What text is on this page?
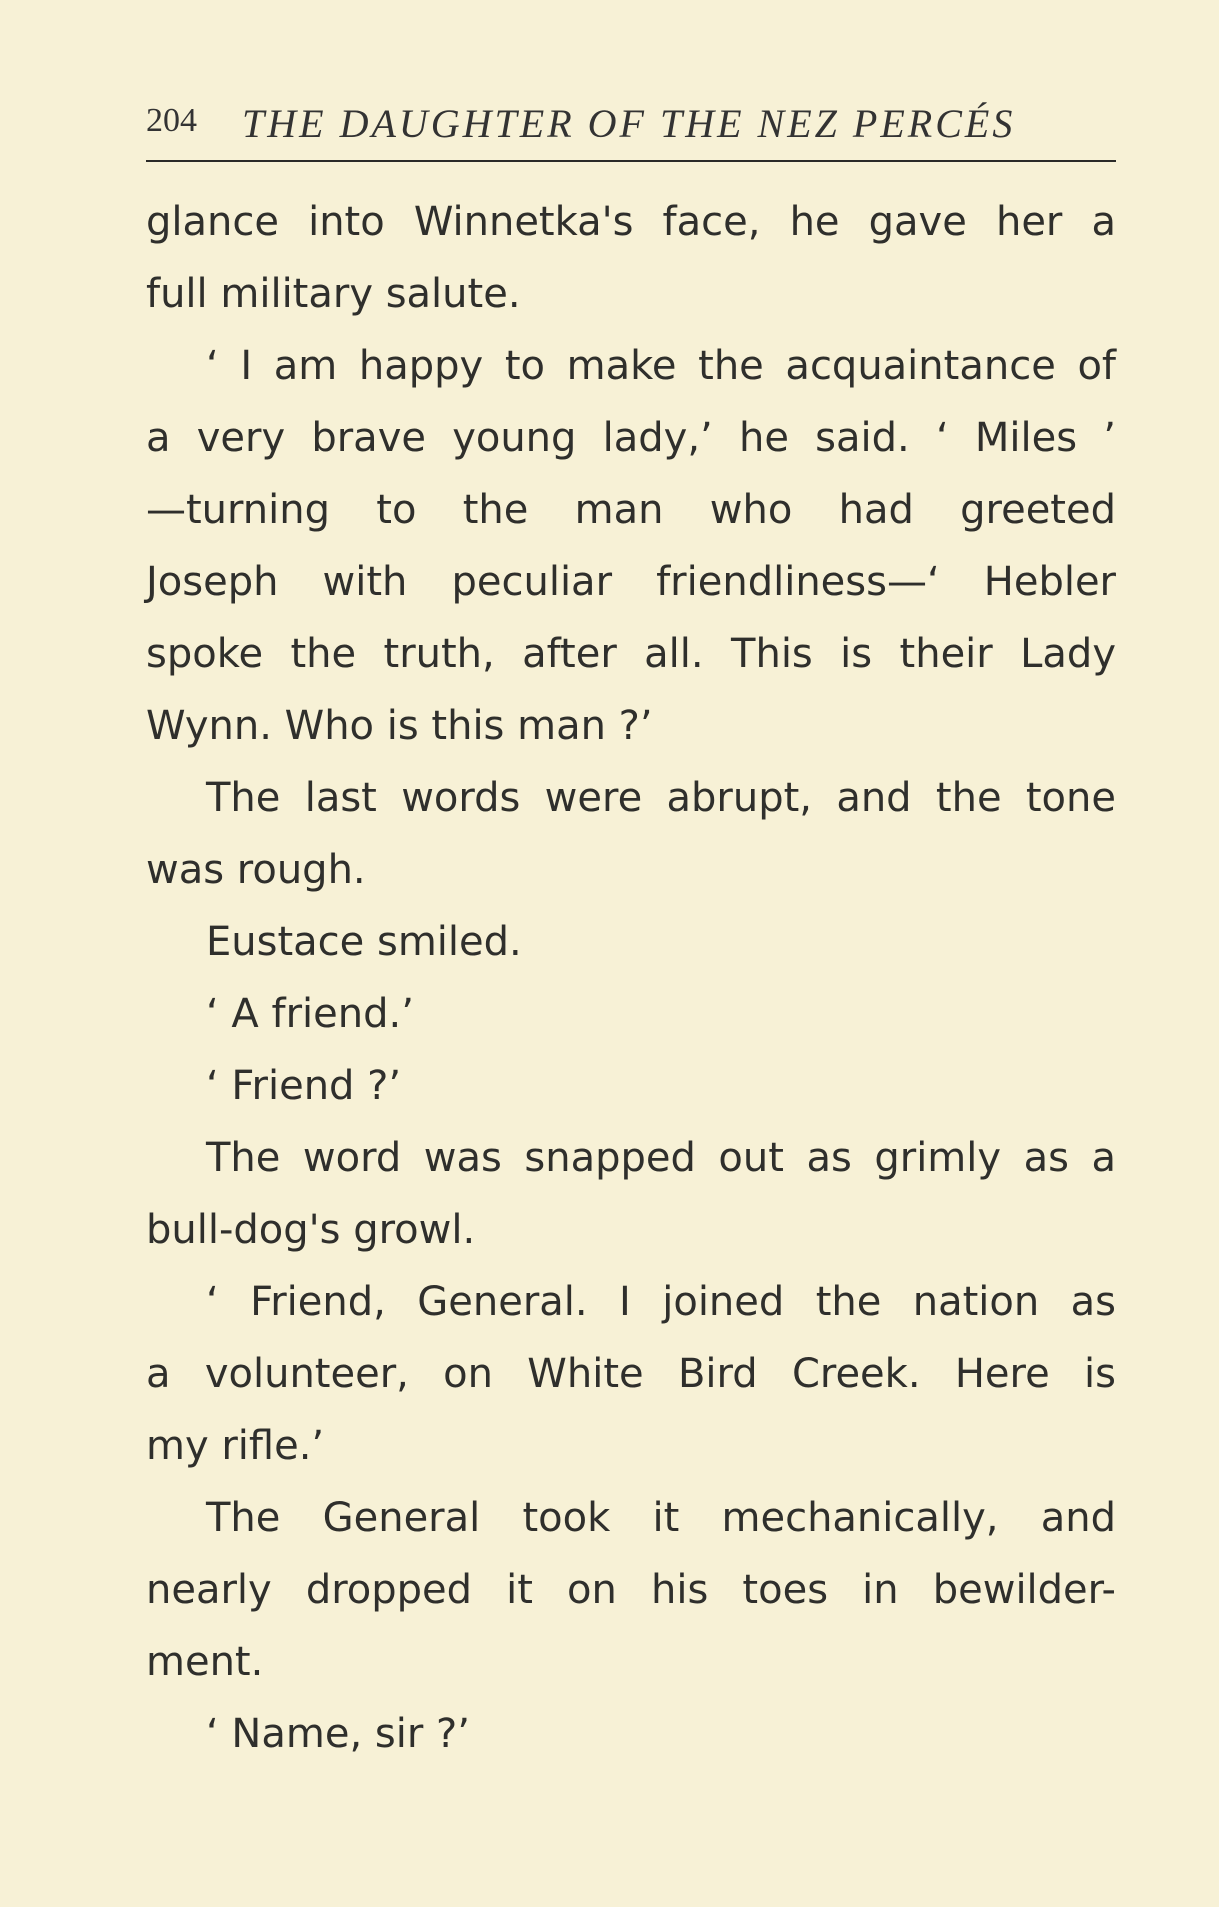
204 THE DAUGHTER OF THE NEZ PERCÉS
glance into Winnetka's face, he gave her a
full military salute.
‘ I am happy to make the acquaintance of
a very brave young lady,’ he said. ‘ Miles ’
—turning to the man who had greeted
Joseph with peculiar friendliness—‘ Hebler
spoke the truth, after all. This is their Lady
Wynn. Who is this man ?’
The last words were abrupt, and the tone
was rough.
Eustace smiled.
‘ A friend.’
‘ Friend ?’
The word was snapped out as grimly as a
bull-dog's growl.
‘ Friend, General. I joined the nation as
a volunteer, on White Bird Creek. Here is
my rifle.’
The General took it mechanically, and
nearly dropped it on his toes in bewilder-
ment.
‘ Name, sir ?’
